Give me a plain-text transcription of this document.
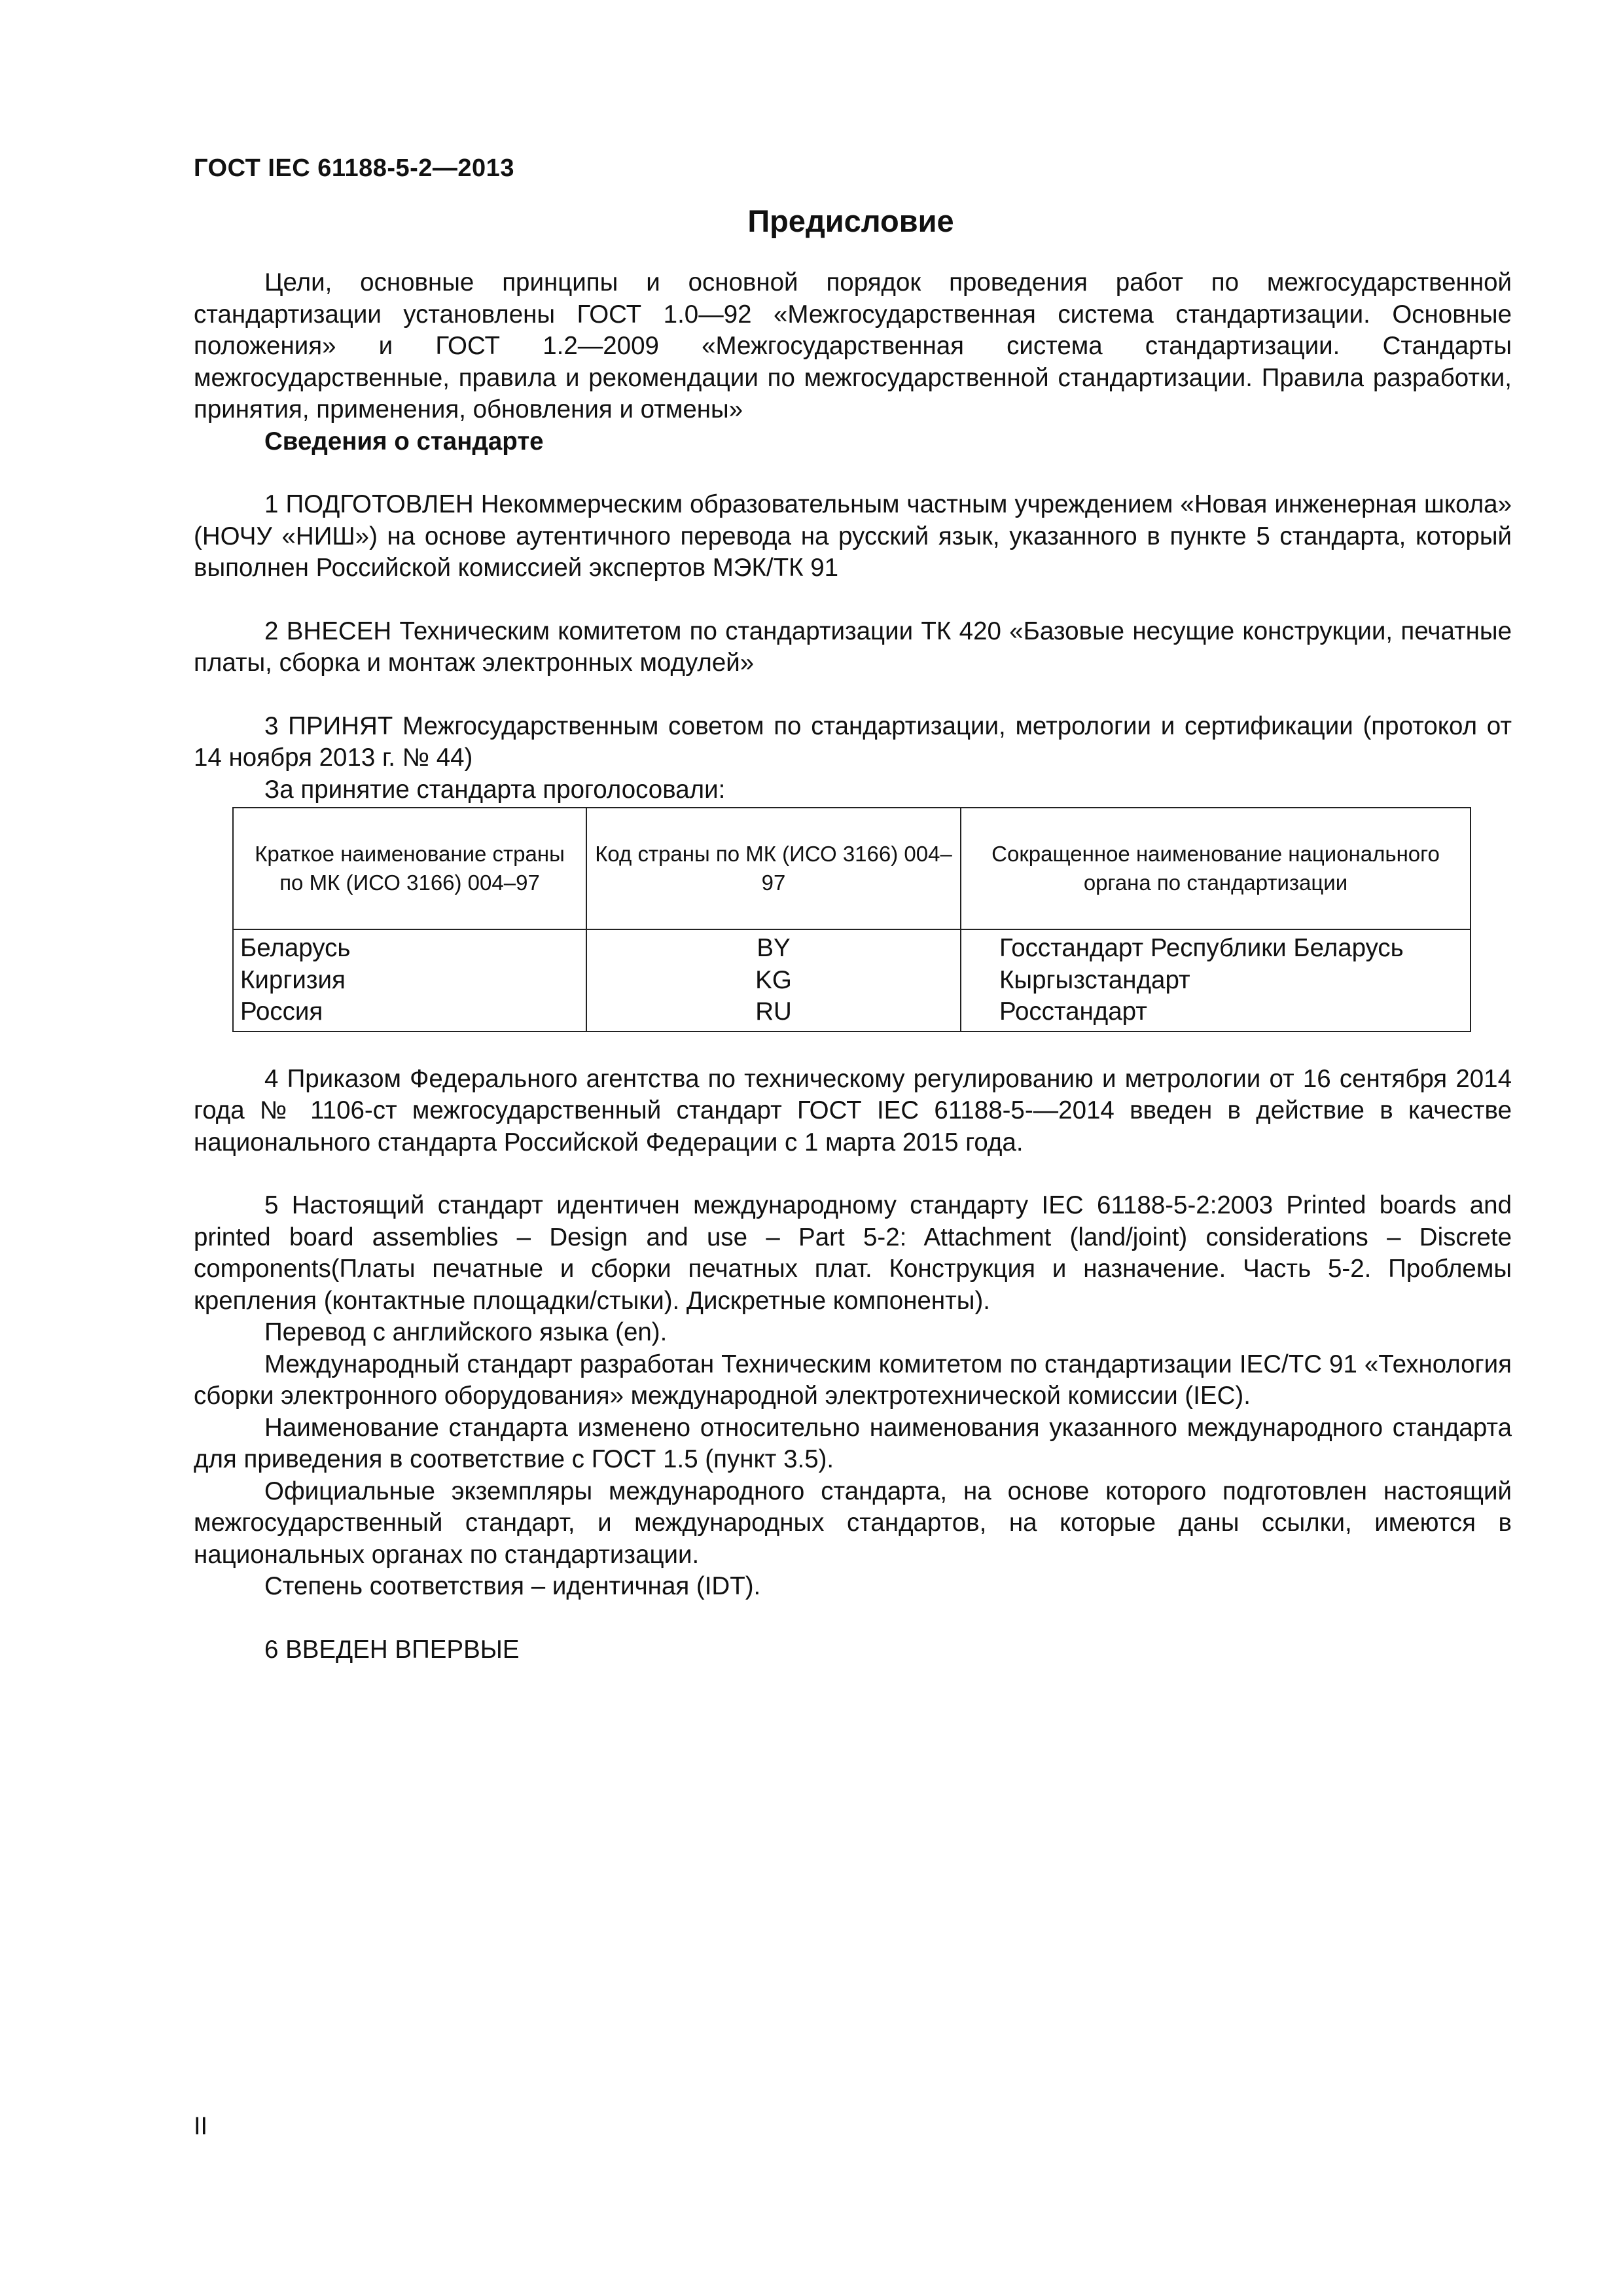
ГОСТ IEC 61188-5-2—2013
Предисловие

Цели, основные принципы и основной порядок проведения работ по межгосударственной стандартизации установлены ГОСТ 1.0—92 «Межгосударственная система стандартизации. Основные положения» и ГОСТ 1.2—2009 «Межгосударственная система стандартизации. Стандарты межгосударственные, правила и рекомендации по межгосударственной стандартизации. Правила разработки, принятия, применения, обновления и отмены»

Сведения о стандарте

1 ПОДГОТОВЛЕН Некоммерческим образовательным частным учреждением «Новая инженерная школа» (НОЧУ «НИШ») на основе аутентичного перевода на русский язык, указанного в пункте 5 стандарта, который выполнен Российской комиссией экспертов МЭК/ТК 91

2 ВНЕСЕН Техническим комитетом по стандартизации ТК 420 «Базовые несущие конструкции, печатные платы, сборка и монтаж электронных модулей»

3 ПРИНЯТ Межгосударственным советом по стандартизации, метрологии и сертификации (протокол от 14 ноября 2013 г. № 44)

За принятие стандарта проголосовали:

Краткое наименование страны по МК (ИСО 3166) 004–97	Код страны по МК (ИСО 3166) 004–97	Сокращенное наименование национального органа по стандартизации
Беларусь	BY	Госстандарт Республики Беларусь
Киргизия	KG	Кыргызстандарт
Россия	RU	Росстандарт

4 Приказом Федерального агентства по техническому регулированию и метрологии от 16 сентября 2014 года № 1106-ст межгосударственный стандарт ГОСТ IEC 61188-5-—2014 введен в действие в качестве национального стандарта Российской Федерации с 1 марта 2015 года.

5 Настоящий стандарт идентичен международному стандарту IEC 61188-5-2:2003 Printed boards and printed board assemblies – Design and use – Part 5-2: Attachment (land/joint) considerations – Discrete components(Платы печатные и сборки печатных плат. Конструкция и назначение. Часть 5-2. Проблемы крепления (контактные площадки/стыки). Дискретные компоненты).

Перевод с английского языка (en).

Международный стандарт разработан Техническим комитетом по стандартизации IEC/TC 91 «Технология сборки электронного оборудования» международной электротехнической комиссии (IEC).

Наименование стандарта изменено относительно наименования указанного международного стандарта для приведения в соответствие с ГОСТ 1.5 (пункт 3.5).

Официальные экземпляры международного стандарта, на основе которого подготовлен настоящий межгосударственный стандарт, и международных стандартов, на которые даны ссылки, имеются в национальных органах по стандартизации.

Степень соответствия – идентичная (IDT).

6 ВВЕДЕН ВПЕРВЫЕ

II
